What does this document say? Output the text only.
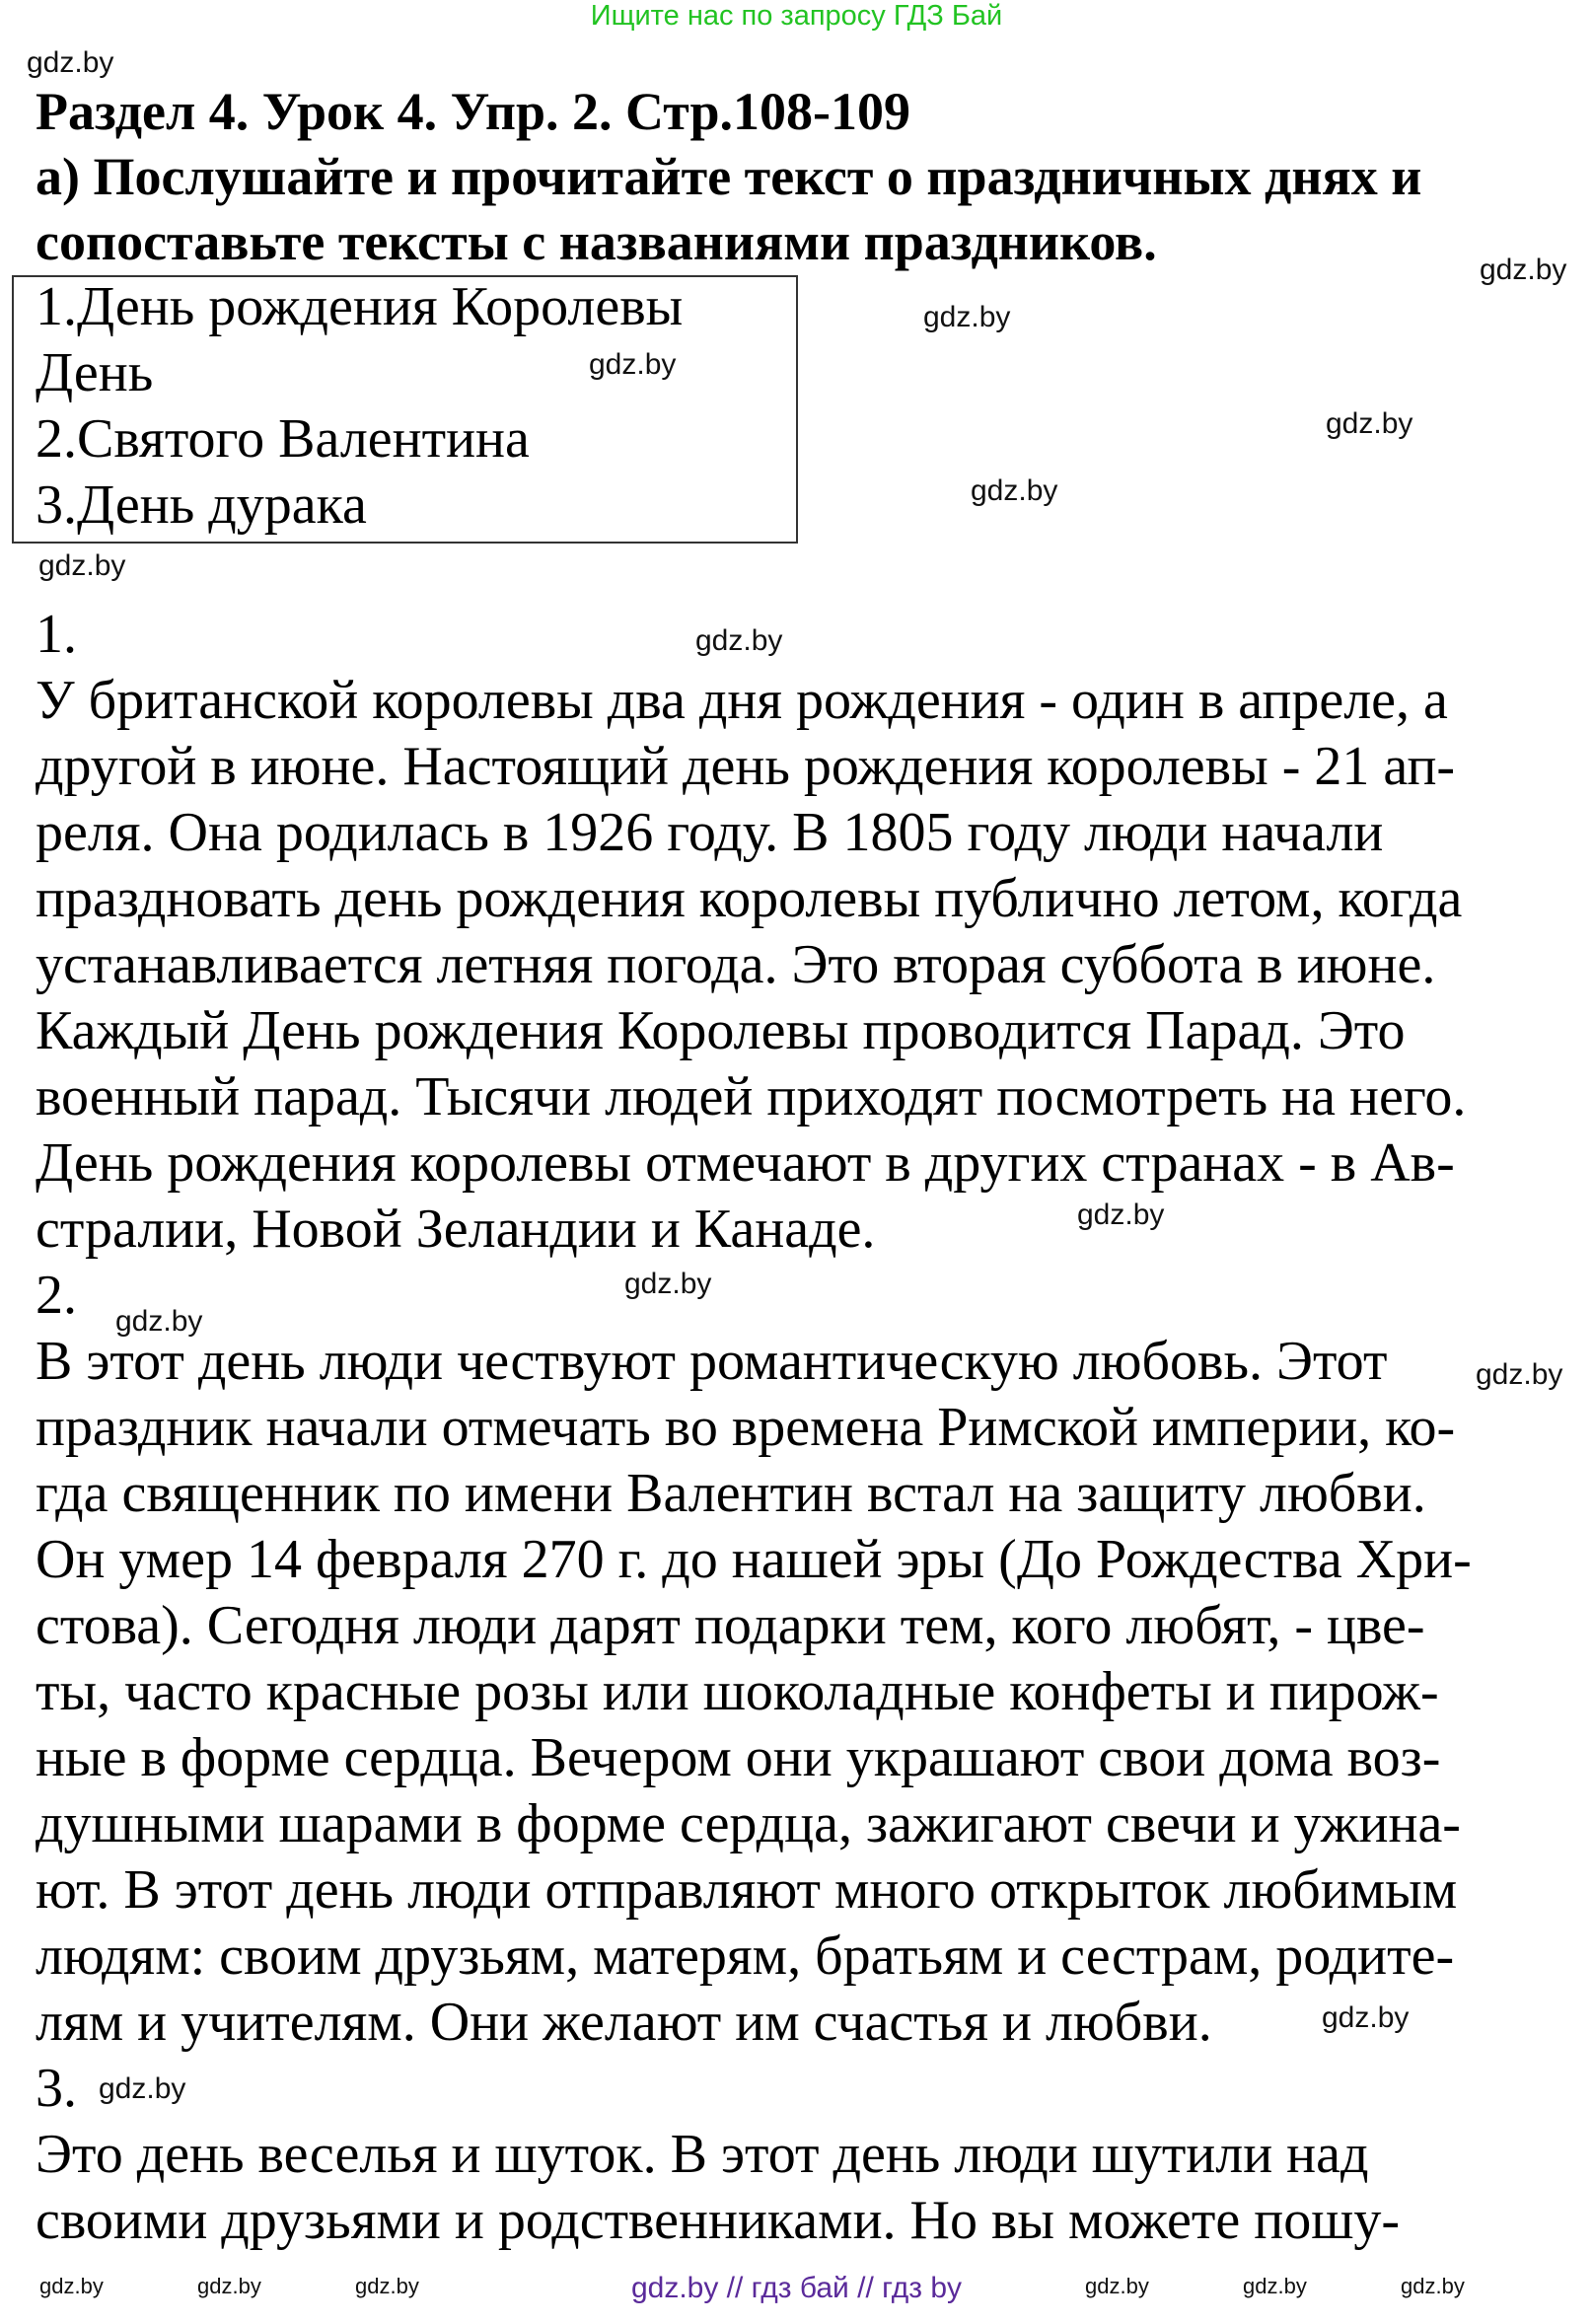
Ищите нас по запросу ГДЗ Бай
Раздел 4. Урок 4. Упр. 2. Стр.108-109
а) Послушайте и прочитайте текст о праздничных днях и
сопоставьте тексты с названиями праздников.
1.День рождения Королевы
День
2.Святого Валентина
3.День дурака
1.
У британской королевы два дня рождения - один в апреле, а
другой в июне. Настоящий день рождения королевы - 21 ап-
реля. Она родилась в 1926 году. В 1805 году люди начали
праздновать день рождения королевы публично летом, когда
устанавливается летняя погода. Это вторая суббота в июне.
Каждый День рождения Королевы проводится Парад. Это
военный парад. Тысячи людей приходят посмотреть на него.
День рождения королевы отмечают в других странах - в Ав-
стралии, Новой Зеландии и Канаде.
2.
В этот день люди чествуют романтическую любовь. Этот
праздник начали отмечать во времена Римской империи, ко-
гда священник по имени Валентин встал на защиту любви.
Он умер 14 февраля 270 г. до нашей эры (До Рождества Хри-
стова). Сегодня люди дарят подарки тем, кого любят, - цве-
ты, часто красные розы или шоколадные конфеты и пирож-
ные в форме сердца. Вечером они украшают свои дома воз-
душными шарами в форме сердца, зажигают свечи и ужина-
ют. В этот день люди отправляют много открыток любимым
людям: своим друзьям, матерям, братьям и сестрам, родите-
лям и учителям. Они желают им счастья и любви.
3.
Это день веселья и шуток. В этот день люди шутили над
своими друзьями и родственниками. Но вы можете пошу-
gdz.by
gdz.by
gdz.by
gdz.by
gdz.by
gdz.by
gdz.by
gdz.by
gdz.by
gdz.by
gdz.by
gdz.by
gdz.by	gdz.by	gdz.by	gdz.by	gdz.by	gdz.by
gdz.by
gdz.by
gdz.by // гдз бай // гдз by
